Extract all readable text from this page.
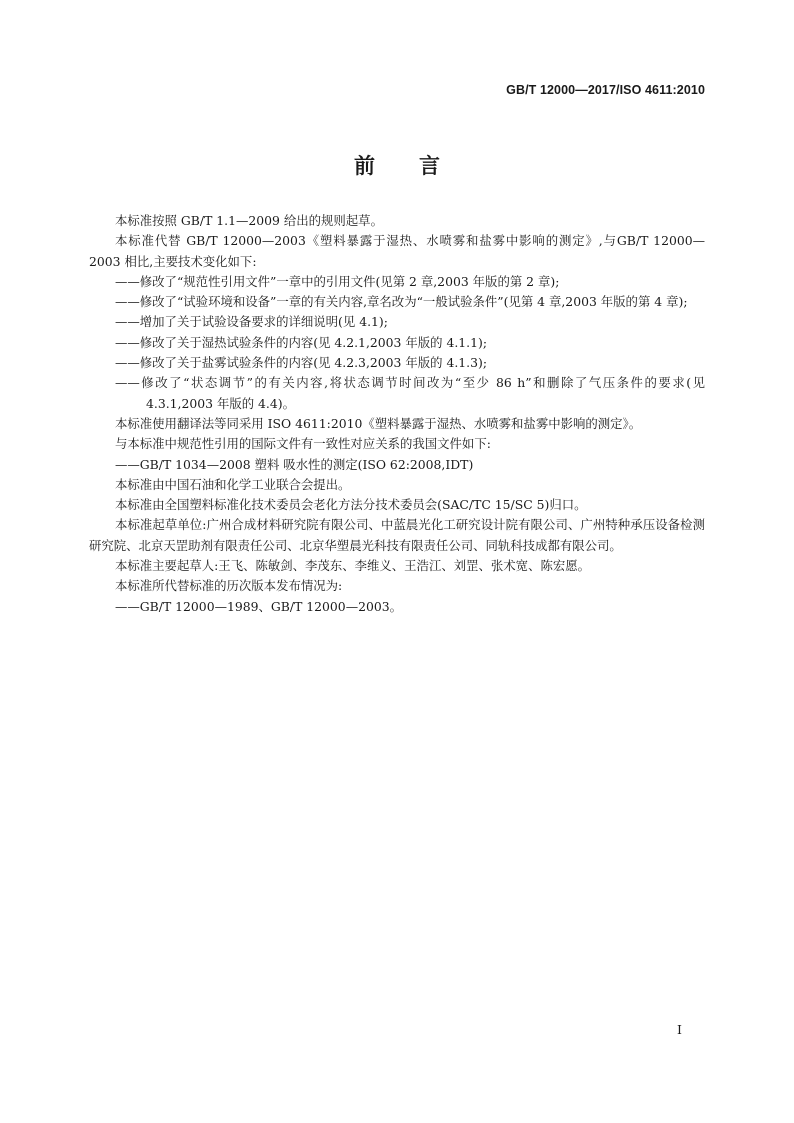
GB/T 12000—2017/ISO 4611:2010
前言

本标准按照 GB/T 1.1—2009 给出的规则起草。

本标准代替 GB/T 12000—2003《塑料暴露于湿热、水喷雾和盐雾中影响的测定》,与GB/T 12000—2003 相比,主要技术变化如下:

——修改了“规范性引用文件”一章中的引用文件(见第 2 章,2003 年版的第 2 章);

——修改了“试验环境和设备”一章的有关内容,章名改为“一般试验条件”(见第 4 章,2003 年版的第 4 章);

——增加了关于试验设备要求的详细说明(见 4.1);

——修改了关于湿热试验条件的内容(见 4.2.1,2003 年版的 4.1.1);

——修改了关于盐雾试验条件的内容(见 4.2.3,2003 年版的 4.1.3);

——修改了“状态调节”的有关内容,将状态调节时间改为“至少 86 h”和删除了气压条件的要求(见 4.3.1,2003 年版的 4.4)。

本标准使用翻译法等同采用 ISO 4611:2010《塑料暴露于湿热、水喷雾和盐雾中影响的测定》。

与本标准中规范性引用的国际文件有一致性对应关系的我国文件如下:

——GB/T 1034—2008 塑料 吸水性的测定(ISO 62:2008,IDT)

本标准由中国石油和化学工业联合会提出。

本标准由全国塑料标准化技术委员会老化方法分技术委员会(SAC/TC 15/SC 5)归口。

本标准起草单位:广州合成材料研究院有限公司、中蓝晨光化工研究设计院有限公司、广州特种承压设备检测研究院、北京天罡助剂有限责任公司、北京华塑晨光科技有限责任公司、同轨科技成都有限公司。

本标准主要起草人:王飞、陈敏剑、李茂东、李维义、王浩江、刘罡、张术宽、陈宏愿。

本标准所代替标准的历次版本发布情况为:

——GB/T 12000—1989、GB/T 12000—2003。

I
